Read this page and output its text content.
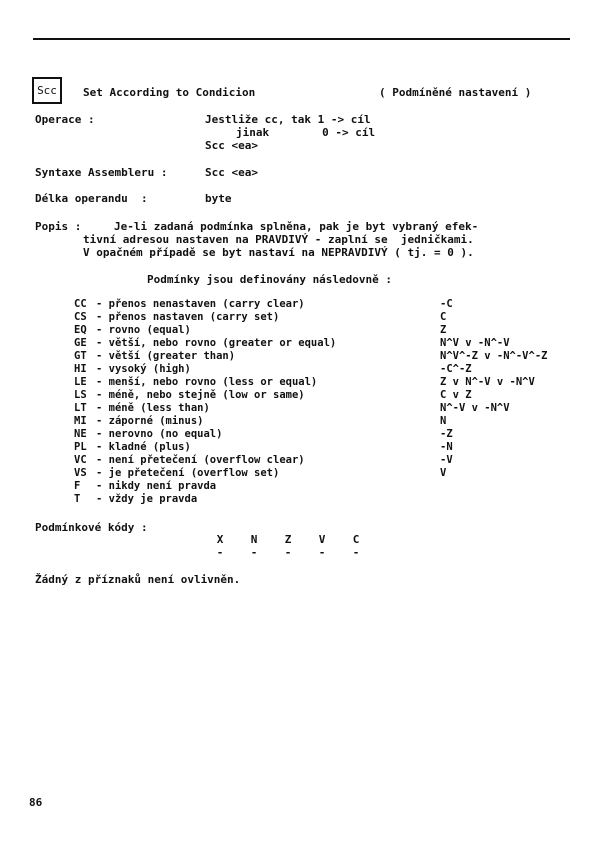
Scc Set According to Condicion	( Podmíněné nastavení )
Operace :	Jestliže cc, tak 1 -> cíl
jinak        0 -> cíl
Scc <ea>
Syntaxe Assembleru :	Scc <ea>
Délka operandu  :	byte
Popis :	Je-li zadaná podmínka splněna, pak je byt vybraný efek-
tivní adresou nastaven na PRAVDIVÝ - zaplní se  jedničkami.
V opačném případě se byt nastaví na NEPRAVDIVÝ ( tj. = 0 ).
Podmínky jsou definovány následovně :
CC - přenos nenastaven (carry clear)	-C
CS - přenos nastaven (carry set)	C
EQ - rovno (equal)	Z
GE - větší, nebo rovno (greater or equal)	N^V v -N^-V
GT - větší (greater than)	N^V^-Z v -N^-V^-Z
HI - vysoký (high)	-C^-Z
LE - menší, nebo rovno (less or equal)	Z v N^-V v -N^V
LS - méně, nebo stejně (low or same)	C v Z
LT - méně (less than)	N^-V v -N^V
MI - záporné (minus)	N
NE - nerovno (no equal)	-Z
PL - kladné (plus)	-N
VC - není přetečení (overflow clear)	-V
VS - je přetečení (overflow set)	V
F	- nikdy není pravda
T	- vždy je pravda
Podmínkové kódy :
X N Z V C
- - - - -
Žádný z příznaků není ovlivněn.
86
